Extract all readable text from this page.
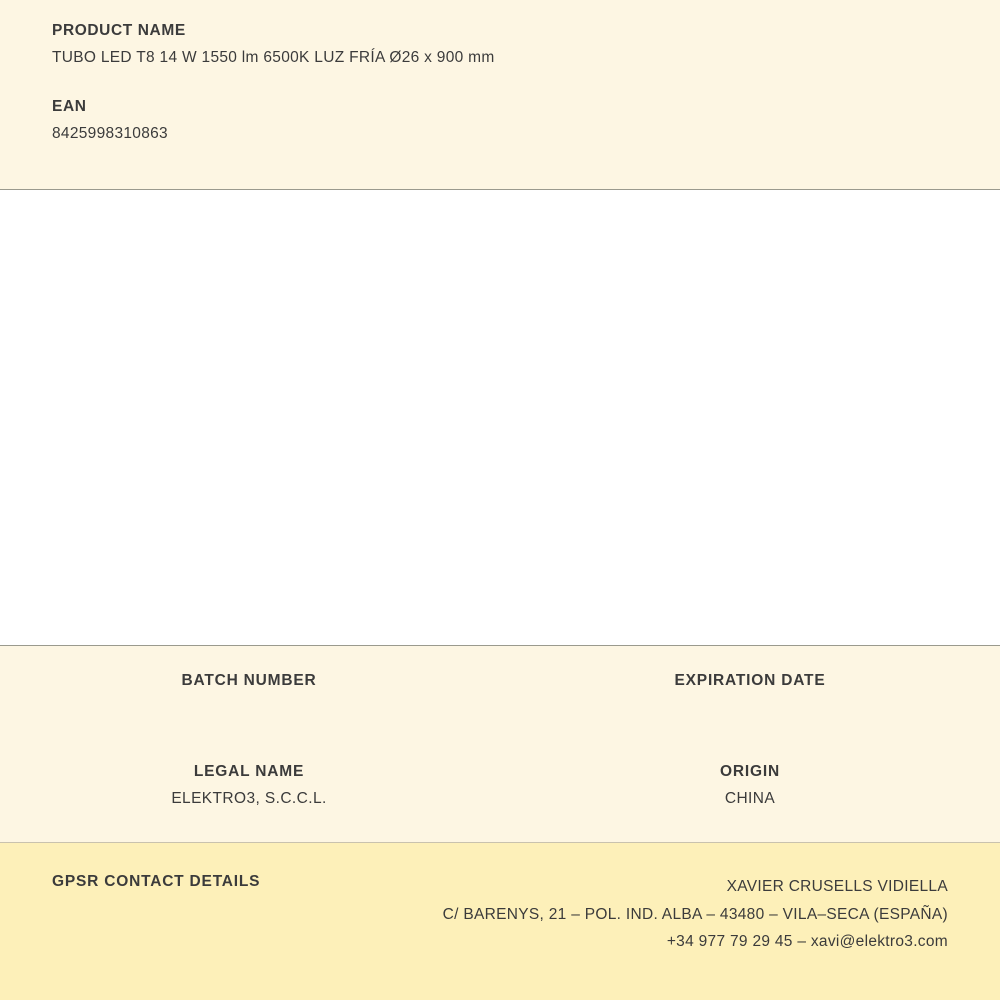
PRODUCT NAME

TUBO LED T8 14 W 1550 lm 6500K LUZ FRÍA Ø26 x 900 mm

EAN

8425998310863

BATCH NUMBER	EXPIRATION DATE

LEGAL NAME

ELEKTRO3, S.C.C.L.

ORIGIN

CHINA

GPSR CONTACT DETAILS	XAVIER CRUSELLS VIDIELLA

C/ BARENYS, 21 – POL. IND. ALBA – 43480 – VILA–SECA (ESPAÑA)

+34 977 79 29 45 – xavi@elektro3.com
